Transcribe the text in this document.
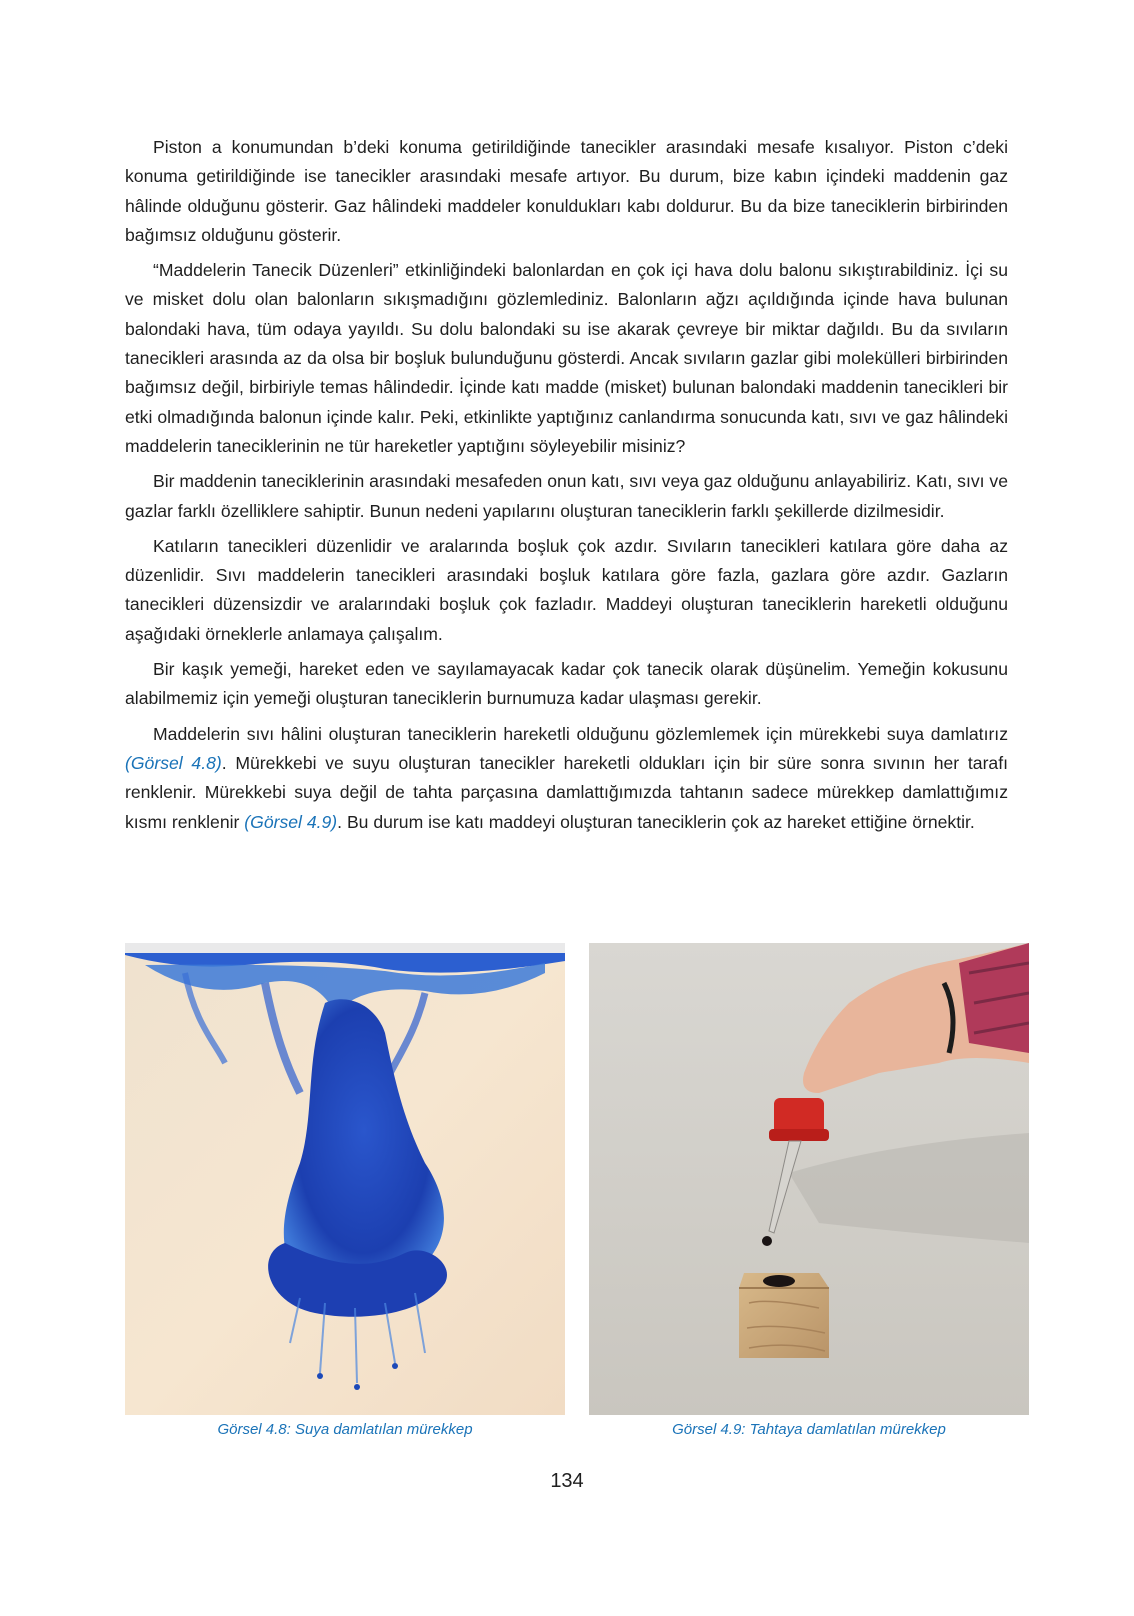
Piston a konumundan b’deki konuma getirildiğinde tanecikler arasındaki mesafe kısalıyor. Piston c’deki konuma getirildiğinde ise tanecikler arasındaki mesafe artıyor. Bu durum, bize kabın içindeki maddenin gaz hâlinde olduğunu gösterir. Gaz hâlindeki maddeler konuldukları kabı doldurur. Bu da bize taneciklerin birbirinden bağımsız olduğunu gösterir.

“Maddelerin Tanecik Düzenleri” etkinliğindeki balonlardan en çok içi hava dolu balonu sıkıştırabildiniz. İçi su ve misket dolu olan balonların sıkışmadığını gözlemlediniz. Balonların ağzı açıldığında içinde hava bulunan balondaki hava, tüm odaya yayıldı. Su dolu balondaki su ise akarak çevreye bir miktar dağıldı. Bu da sıvıların tanecikleri arasında az da olsa bir boşluk bulunduğunu gösterdi. Ancak sıvıların gazlar gibi molekülleri birbirinden bağımsız değil, birbiriyle temas hâlindedir. İçinde katı madde (misket) bulunan balondaki maddenin tanecikleri bir etki olmadığında balonun içinde kalır. Peki, etkinlikte yaptığınız canlandırma sonucunda katı, sıvı ve gaz hâlindeki maddelerin taneciklerinin ne tür hareketler yaptığını söyleyebilir misiniz?

Bir maddenin taneciklerinin arasındaki mesafeden onun katı, sıvı veya gaz olduğunu anlayabiliriz. Katı, sıvı ve gazlar farklı özelliklere sahiptir. Bunun nedeni yapılarını oluşturan taneciklerin farklı şekillerde dizilmesidir.

Katıların tanecikleri düzenlidir ve aralarında boşluk çok azdır. Sıvıların tanecikleri katılara göre daha az düzenlidir. Sıvı maddelerin tanecikleri arasındaki boşluk katılara göre fazla, gazlara göre azdır. Gazların tanecikleri düzensizdir ve aralarındaki boşluk çok fazladır. Maddeyi oluşturan taneciklerin hareketli olduğunu aşağıdaki örneklerle anlamaya çalışalım.

Bir kaşık yemeği, hareket eden ve sayılamayacak kadar çok tanecik olarak düşünelim. Yemeğin kokusunu alabilmemiz için yemeği oluşturan taneciklerin burnumuza kadar ulaşması gerekir.

Maddelerin sıvı hâlini oluşturan taneciklerin hareketli olduğunu gözlemlemek için mürekkebi suya damlatırız (Görsel 4.8). Mürekkebi ve suyu oluşturan tanecikler hareketli oldukları için bir süre sonra sıvının her tarafı renklenir. Mürekkebi suya değil de tahta parçasına damlattığımızda tahtanın sadece mürekkep damlattığımız kısmı renklenir (Görsel 4.9). Bu durum ise katı maddeyi oluşturan taneciklerin çok az hareket ettiğine örnektir.

Görsel 4.8: Suya damlatılan mürekkep	Görsel 4.9: Tahtaya damlatılan mürekkep
134
